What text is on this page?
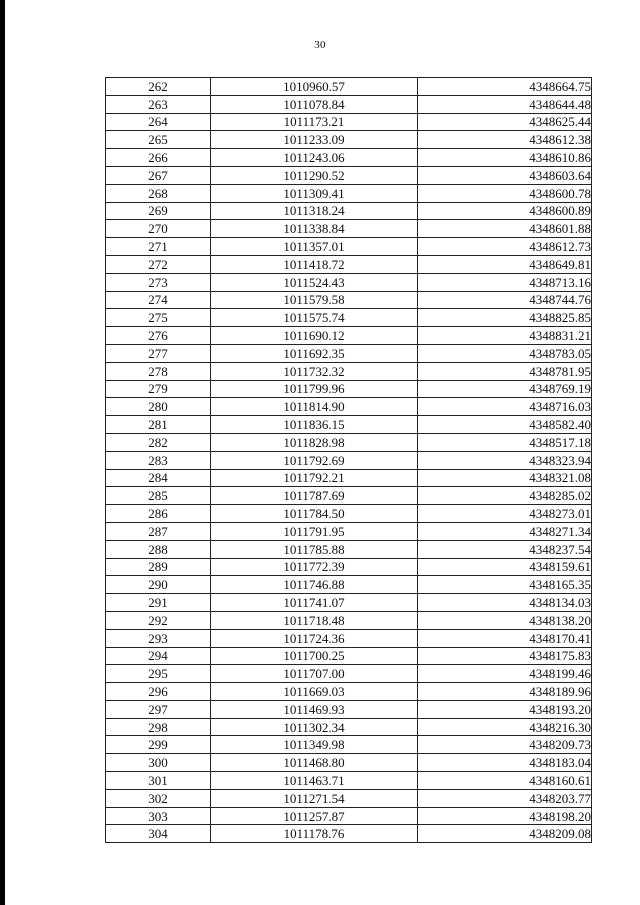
30
262	1010960.57	4348664.75
263	1011078.84	4348644.48
264	1011173.21	4348625.44
265	1011233.09	4348612.38
266	1011243.06	4348610.86
267	1011290.52	4348603.64
268	1011309.41	4348600.78
269	1011318.24	4348600.89
270	1011338.84	4348601.88
271	1011357.01	4348612.73
272	1011418.72	4348649.81
273	1011524.43	4348713.16
274	1011579.58	4348744.76
275	1011575.74	4348825.85
276	1011690.12	4348831.21
277	1011692.35	4348783.05
278	1011732.32	4348781.95
279	1011799.96	4348769.19
280	1011814.90	4348716.03
281	1011836.15	4348582.40
282	1011828.98	4348517.18
283	1011792.69	4348323.94
284	1011792.21	4348321.08
285	1011787.69	4348285.02
286	1011784.50	4348273.01
287	1011791.95	4348271.34
288	1011785.88	4348237.54
289	1011772.39	4348159.61
290	1011746.88	4348165.35
291	1011741.07	4348134.03
292	1011718.48	4348138.20
293	1011724.36	4348170.41
294	1011700.25	4348175.83
295	1011707.00	4348199.46
296	1011669.03	4348189.96
297	1011469.93	4348193.20
298	1011302.34	4348216.30
299	1011349.98	4348209.73
300	1011468.80	4348183.04
301	1011463.71	4348160.61
302	1011271.54	4348203.77
303	1011257.87	4348198.20
304	1011178.76	4348209.08
